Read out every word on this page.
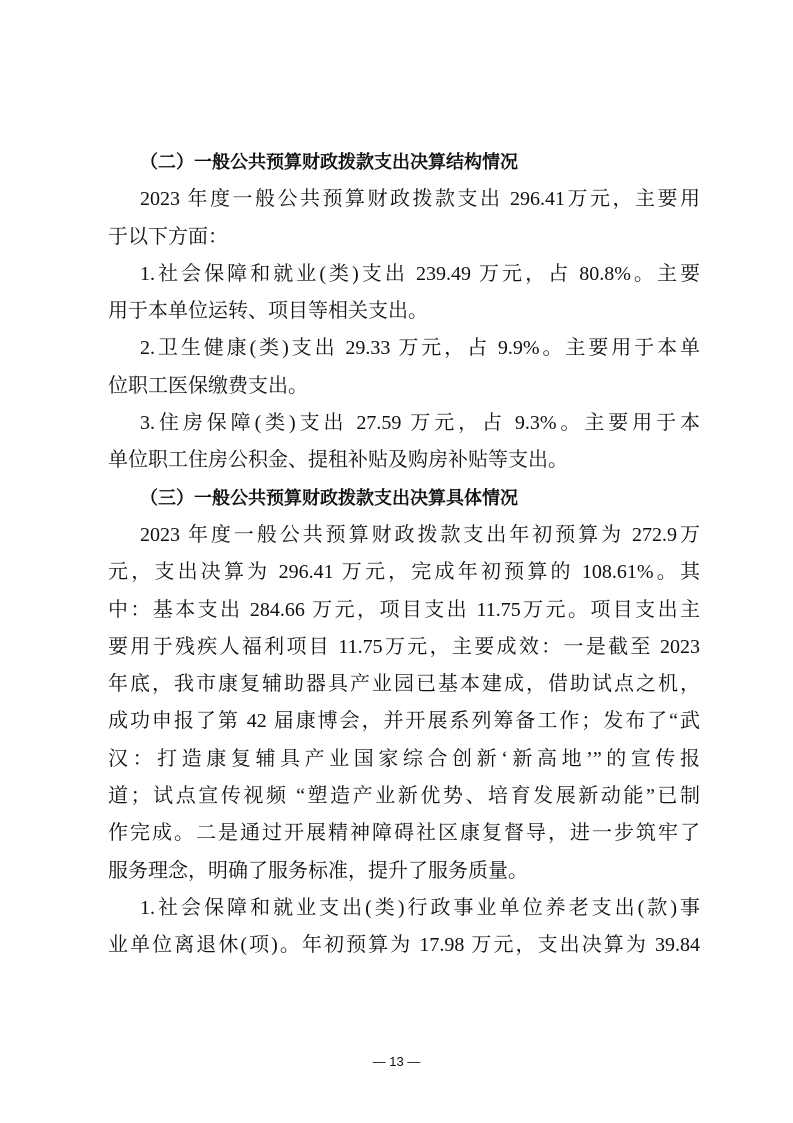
（二）一般公共预算财政拨款支出决算结构情况
2023 年度一般公共预算财政拨款支出 296.41万元，主要用
于以下方面：
1.社会保障和就业(类)支出 239.49 万元，占 80.8%。主要
用于本单位运转、项目等相关支出。
2.卫生健康(类)支出 29.33 万元，占 9.9%。主要用于本单
位职工医保缴费支出。
3.住房保障(类)支出 27.59 万元，占 9.3%。主要用于本
单位职工住房公积金、提租补贴及购房补贴等支出。
（三）一般公共预算财政拨款支出决算具体情况
2023 年度一般公共预算财政拨款支出年初预算为 272.9万
元，支出决算为 296.41 万元，完成年初预算的 108.61%。其
中：基本支出 284.66 万元，项目支出 11.75万元。项目支出主
要用于残疾人福利项目 11.75万元，主要成效：一是截至 2023
年底，我市康复辅助器具产业园已基本建成，借助试点之机，
成功申报了第 42 届康博会，并开展系列筹备工作；发布了“武
汉：打造康复辅具产业国家综合创新‘新高地’”的宣传报
道；试点宣传视频 “塑造产业新优势、培育发展新动能”已制
作完成。二是通过开展精神障碍社区康复督导，进一步筑牢了
服务理念，明确了服务标准，提升了服务质量。
1.社会保障和就业支出(类)行政事业单位养老支出(款)事
业单位离退休(项)。年初预算为 17.98 万元，支出决算为 39.84
— 13 —
